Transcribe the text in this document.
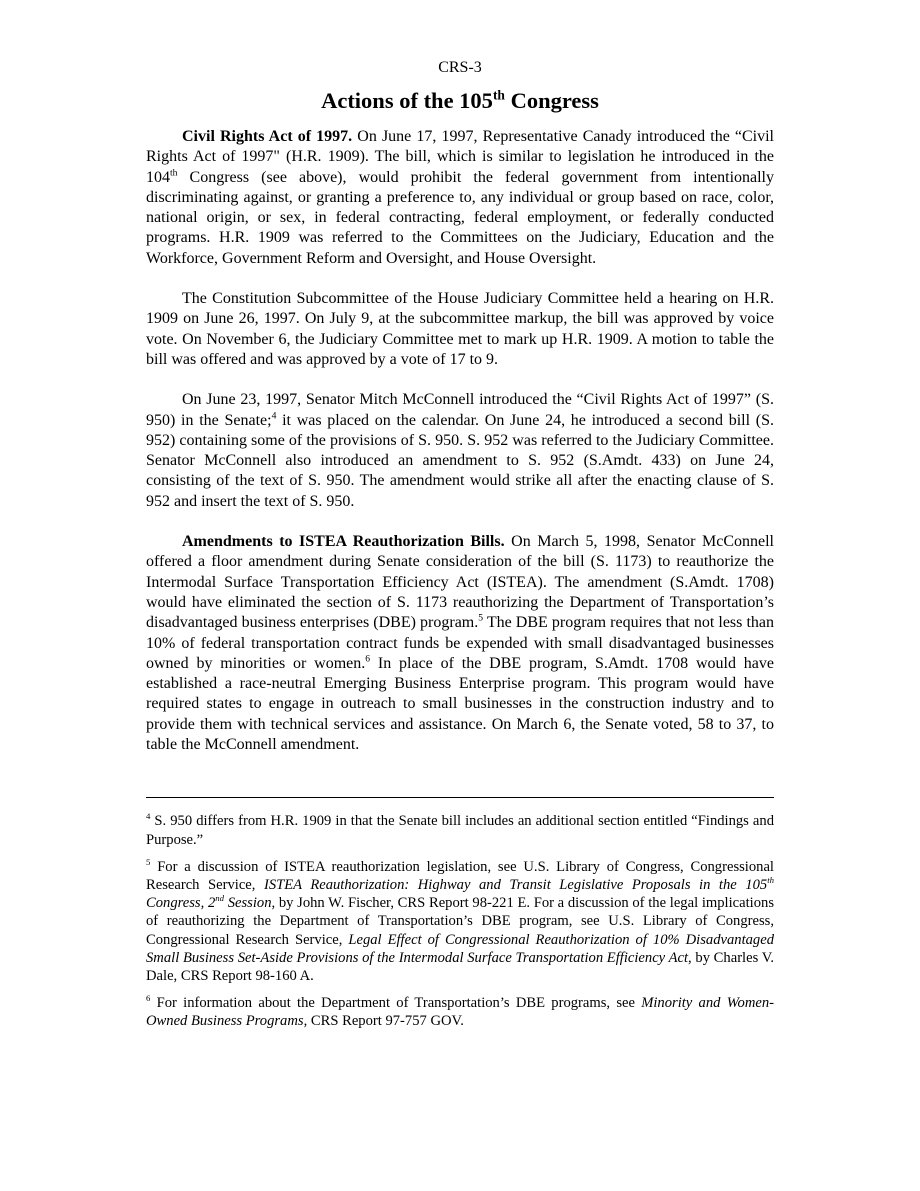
CRS-3
Actions of the 105th Congress

Civil Rights Act of 1997. On June 17, 1997, Representative Canady introduced the “Civil Rights Act of 1997" (H.R. 1909). The bill, which is similar to legislation he introduced in the 104th Congress (see above), would prohibit the federal government from intentionally discriminating against, or granting a preference to, any individual or group based on race, color, national origin, or sex, in federal contracting, federal employment, or federally conducted programs. H.R. 1909 was referred to the Committees on the Judiciary, Education and the Workforce, Government Reform and Oversight, and House Oversight.

The Constitution Subcommittee of the House Judiciary Committee held a hearing on H.R. 1909 on June 26, 1997. On July 9, at the subcommittee markup, the bill was approved by voice vote. On November 6, the Judiciary Committee met to mark up H.R. 1909. A motion to table the bill was offered and was approved by a vote of 17 to 9.

On June 23, 1997, Senator Mitch McConnell introduced the “Civil Rights Act of 1997” (S. 950) in the Senate;$^4$ it was placed on the calendar. On June 24, he introduced a second bill (S. 952) containing some of the provisions of S. 950. S. 952 was referred to the Judiciary Committee. Senator McConnell also introduced an amendment to S. 952 (S.Amdt. 433) on June 24, consisting of the text of S. 950. The amendment would strike all after the enacting clause of S. 952 and insert the text of S. 950.

Amendments to ISTEA Reauthorization Bills. On March 5, 1998, Senator McConnell offered a floor amendment during Senate consideration of the bill (S. 1173) to reauthorize the Intermodal Surface Transportation Efficiency Act (ISTEA). The amendment (S.Amdt. 1708) would have eliminated the section of S. 1173 reauthorizing the Department of Transportation’s disadvantaged business enterprises (DBE) program.$^5$ The DBE program requires that not less than 10% of federal transportation contract funds be expended with small disadvantaged businesses owned by minorities or women.$^6$ In place of the DBE program, S.Amdt. 1708 would have established a race-neutral Emerging Business Enterprise program. This program would have required states to engage in outreach to small businesses in the construction industry and to provide them with technical services and assistance. On March 6, the Senate voted, 58 to 37, to table the McConnell amendment.

$^4$ S. 950 differs from H.R. 1909 in that the Senate bill includes an additional section entitled “Findings and Purpose.”

$^5$ For a discussion of ISTEA reauthorization legislation, see U.S. Library of Congress, Congressional Research Service, ISTEA Reauthorization: Highway and Transit Legislative Proposals in the 105th Congress, 2nd Session, by John W. Fischer, CRS Report 98-221 E. For a discussion of the legal implications of reauthorizing the Department of Transportation’s DBE program, see U.S. Library of Congress, Congressional Research Service, Legal Effect of Congressional Reauthorization of 10% Disadvantaged Small Business Set-Aside Provisions of the Intermodal Surface Transportation Efficiency Act, by Charles V. Dale, CRS Report 98-160 A.

$^6$ For information about the Department of Transportation’s DBE programs, see Minority and Women-Owned Business Programs, CRS Report 97-757 GOV.
